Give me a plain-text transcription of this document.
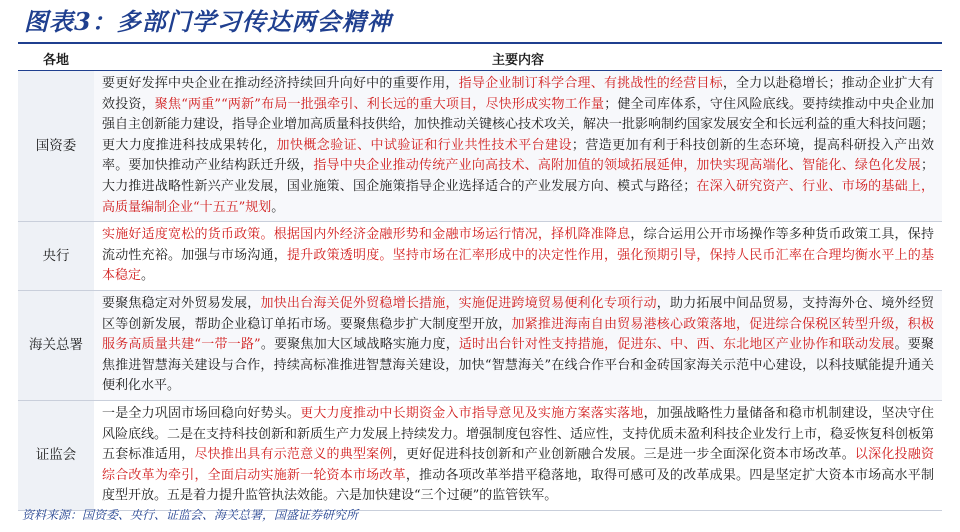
图表3：多部门学习传达两会精神
各地	主要内容
国资委	要更好发挥中央企业在推动经济持续回升向好中的重要作用，指导企业制订科学合理、有挑战性的经营目标，全力以赴稳增长；推动企业扩大有效投资，聚焦“两重”“两新”布局一批强牵引、利长远的重大项目，尽快形成实物工作量；健全司库体系，守住风险底线。要持续推动中央企业加强自主创新能力建设，指导企业增加高质量科技供给，加快推动关键核心技术攻关，解决一批影响制约国家发展安全和长远利益的重大科技问题；更大力度推进科技成果转化，加快概念验证、中试验证和行业共性技术平台建设；营造更加有利于科技创新的生态环境，提高科研投入产出效率。要加快推动产业结构跃迁升级，指导中央企业推动传统产业向高技术、高附加值的领域拓展延伸，加快实现高端化、智能化、绿色化发展；大力推进战略性新兴产业发展，国业施策、国企施策指导企业选择适合的产业发展方向、模式与路径；在深入研究资产、行业、市场的基础上，高质量编制企业“十五五”规划。
央行	实施好适度宽松的货币政策。根据国内外经济金融形势和金融市场运行情况，择机降准降息，综合运用公开市场操作等多种货币政策工具，保持流动性充裕。加强与市场沟通，提升政策透明度。坚持市场在汇率形成中的决定性作用，强化预期引导，保持人民币汇率在合理均衡水平上的基本稳定。
海关总署	要聚焦稳定对外贸易发展，加快出台海关促外贸稳增长措施，实施促进跨境贸易便利化专项行动，助力拓展中间品贸易，支持海外仓、境外经贸区等创新发展，帮助企业稳订单拓市场。要聚焦稳步扩大制度型开放，加紧推进海南自由贸易港核心政策落地，促进综合保税区转型升级，积极服务高质量共建“一带一路”。要聚焦加大区域战略实施力度，适时出台针对性支持措施，促进东、中、西、东北地区产业协作和联动发展。要聚焦推进智慧海关建设与合作，持续高标准推进智慧海关建设，加快“智慧海关”在线合作平台和金砖国家海关示范中心建设，以科技赋能提升通关便利化水平。
证监会	一是全力巩固市场回稳向好势头。更大力度推动中长期资金入市指导意见及实施方案落实落地，加强战略性力量储备和稳市机制建设，坚决守住风险底线。二是在支持科技创新和新质生产力发展上持续发力。增强制度包容性、适应性，支持优质未盈利科技企业发行上市，稳妥恢复科创板第五套标准适用，尽快推出具有示范意义的典型案例，更好促进科技创新和产业创新融合发展。三是进一步全面深化资本市场改革。以深化投融资综合改革为牵引，全面启动实施新一轮资本市场改革，推动各项改革举措平稳落地，取得可感可及的改革成果。四是坚定扩大资本市场高水平制度型开放。五是着力提升监管执法效能。六是加快建设“三个过硬”的监管铁军。
资料来源：国资委、央行、证监会、海关总署，国盛证券研究所
